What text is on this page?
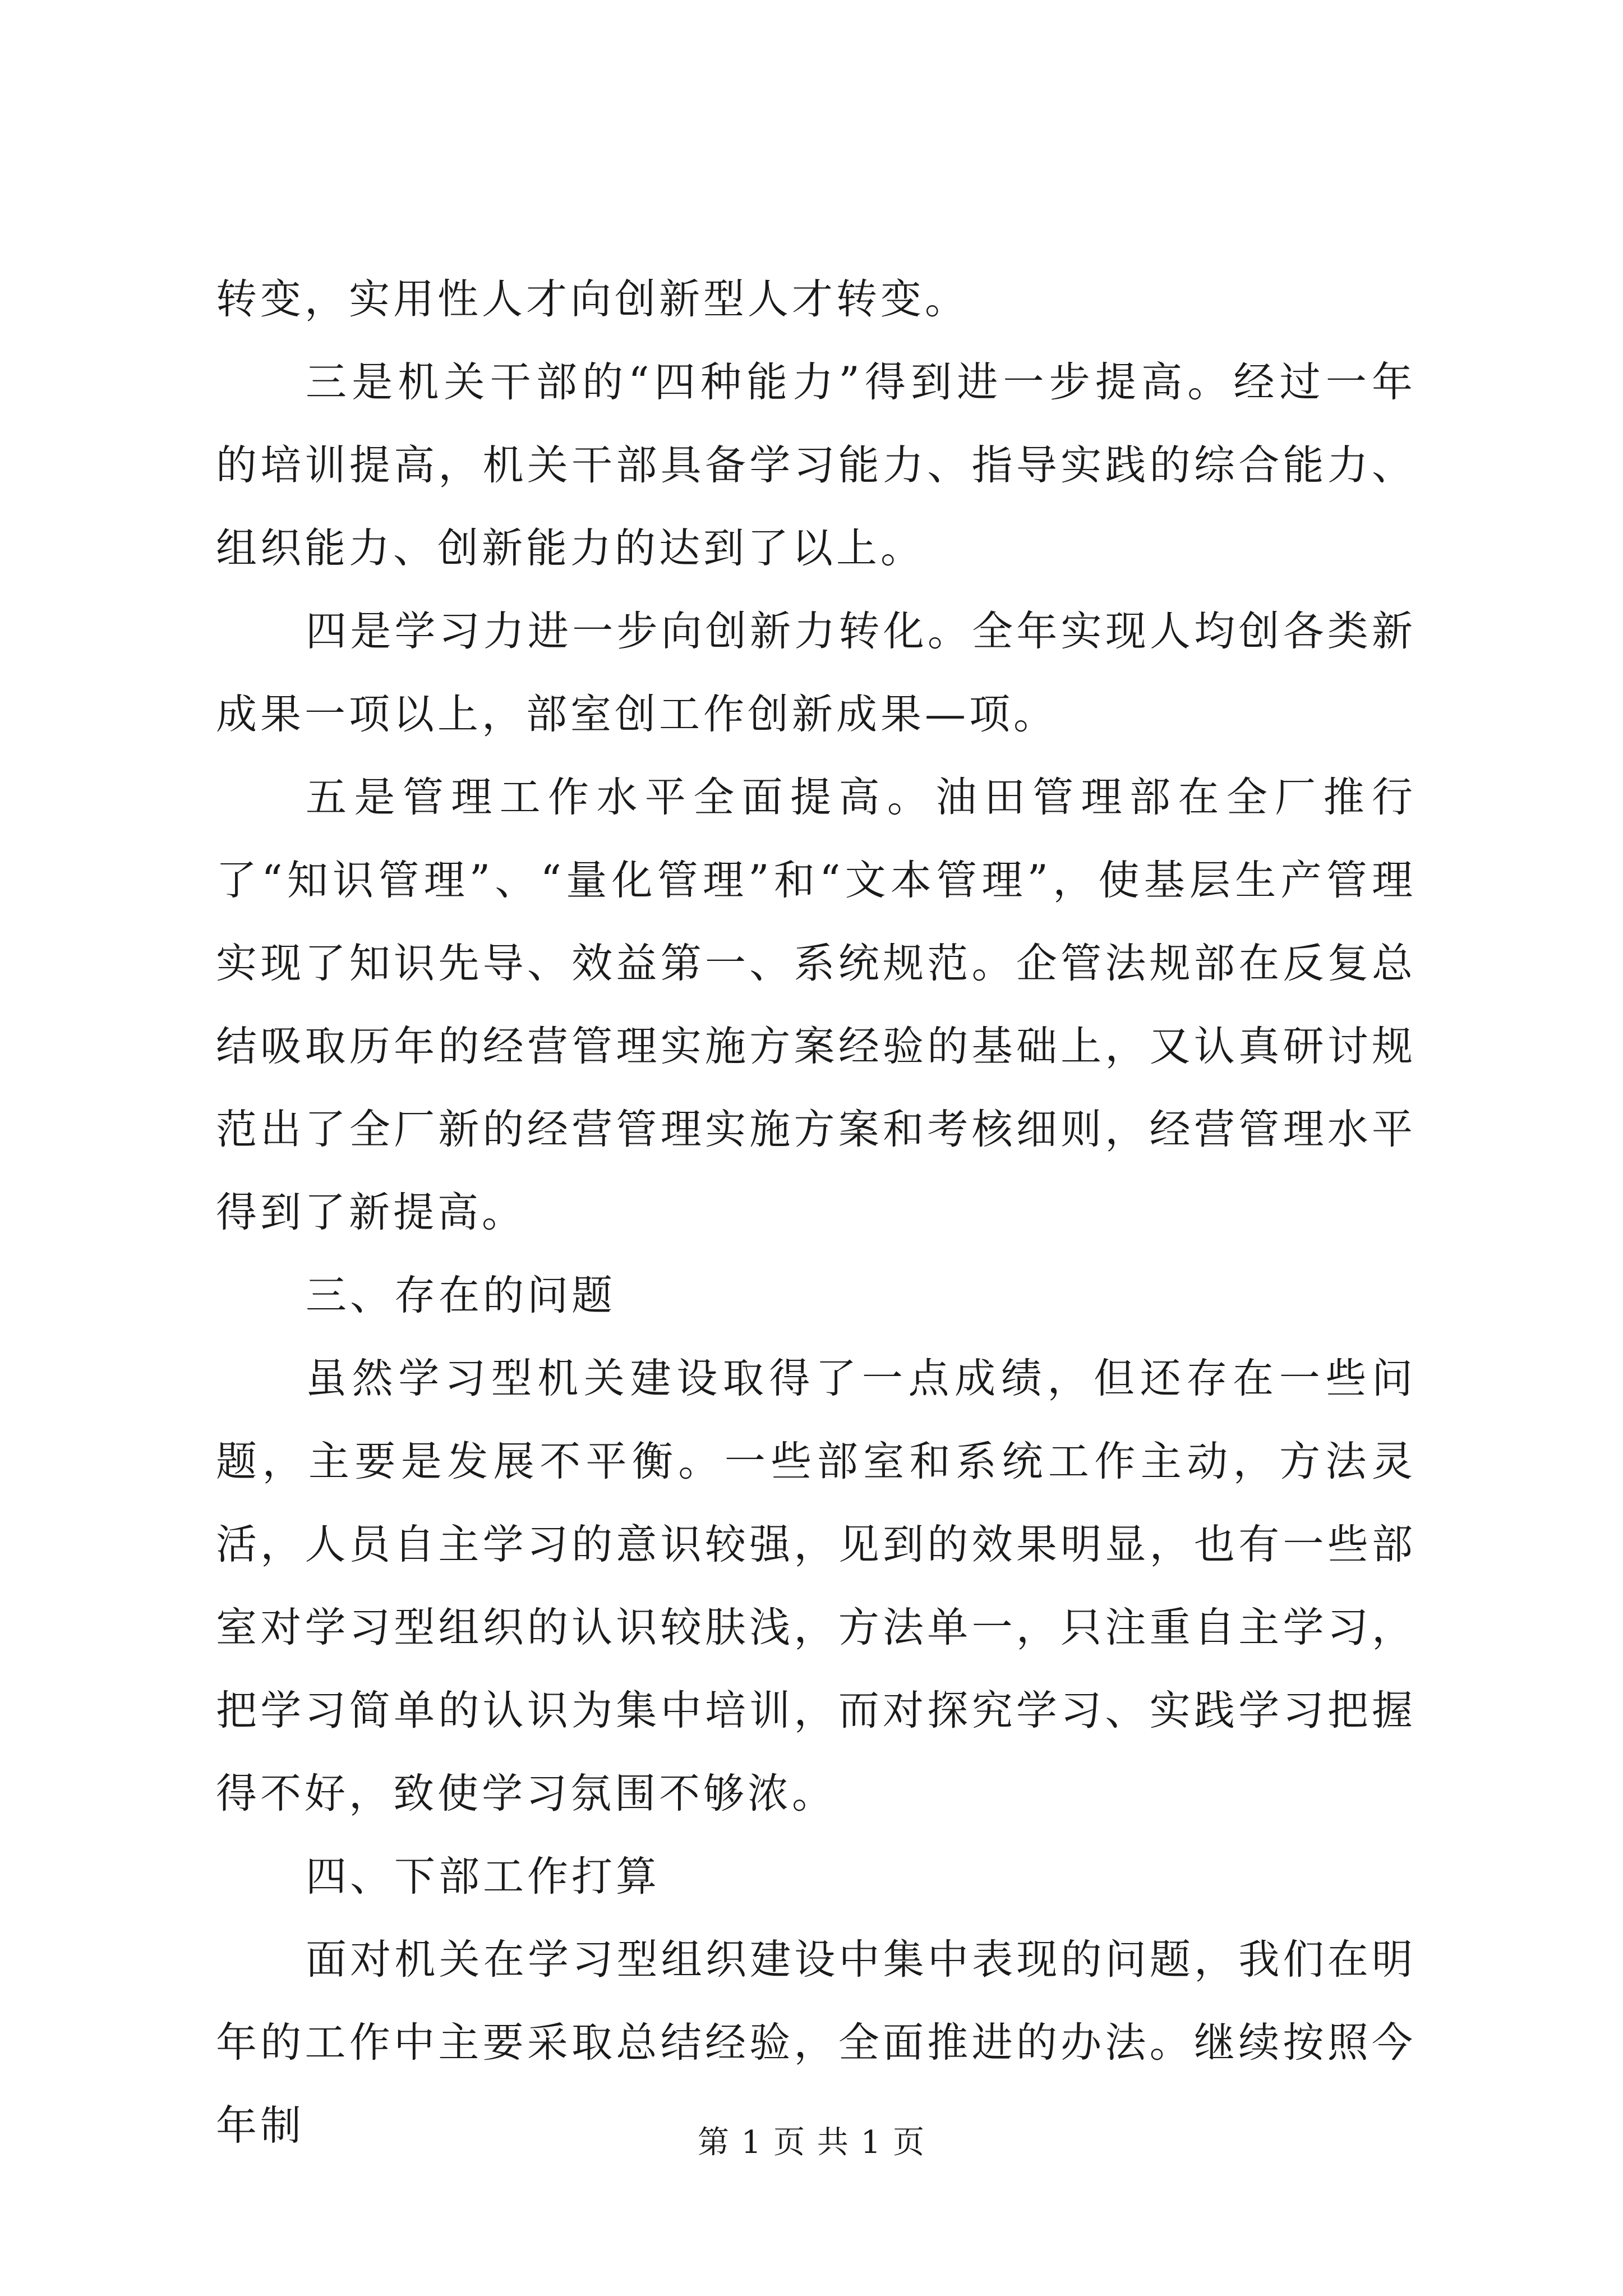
转变，实用性人才向创新型人才转变。

三是机关干部的“四种能力”得到进一步提高。经过一年的培训提高，机关干部具备学习能力、指导实践的综合能力、组织能力、创新能力的达到了以上。

四是学习力进一步向创新力转化。全年实现人均创各类新成果一项以上，部室创工作创新成果—项。

五是管理工作水平全面提高。油田管理部在全厂推行了“知识管理”、“量化管理”和“文本管理”，使基层生产管理实现了知识先导、效益第一、系统规范。企管法规部在反复总结吸取历年的经营管理实施方案经验的基础上，又认真研讨规范出了全厂新的经营管理实施方案和考核细则，经营管理水平得到了新提高。

三、存在的问题

虽然学习型机关建设取得了一点成绩，但还存在一些问题，主要是发展不平衡。一些部室和系统工作主动，方法灵活，人员自主学习的意识较强，见到的效果明显，也有一些部室对学习型组织的认识较肤浅，方法单一，只注重自主学习，把学习简单的认识为集中培训，而对探究学习、实践学习把握得不好，致使学习氛围不够浓。

四、下部工作打算

面对机关在学习型组织建设中集中表现的问题，我们在明年的工作中主要采取总结经验，全面推进的办法。继续按照今年制	第 1 页 共 1 页
